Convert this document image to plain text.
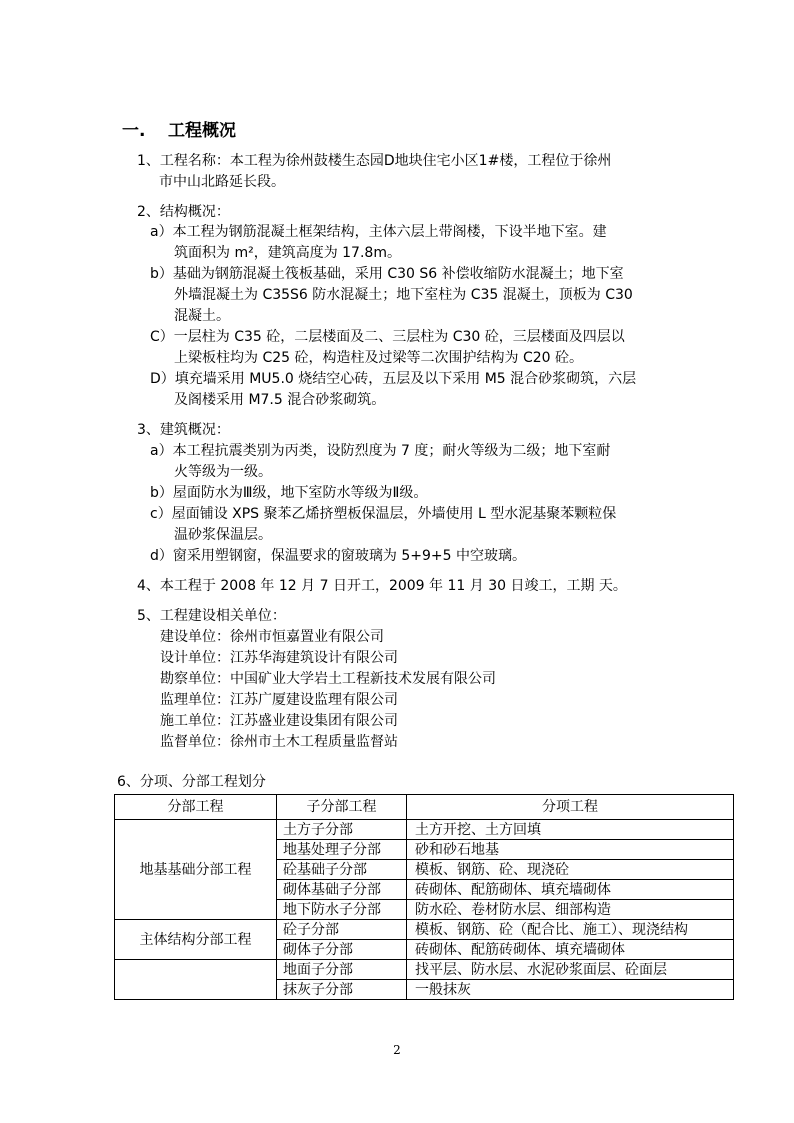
一. 工程概况
1、工程名称：本工程为徐州鼓楼生态园D地块住宅小区1#楼，工程位于徐州
市中山北路延长段。
2、结构概况：
a）本工程为钢筋混凝土框架结构，主体六层上带阁楼，下设半地下室。建
筑面积为 m²，建筑高度为 17.8m。
b）基础为钢筋混凝土筏板基础，采用 C30 S6 补偿收缩防水混凝土；地下室
外墙混凝土为 C35S6 防水混凝土；地下室柱为 C35 混凝土，顶板为 C30
混凝土。
C）一层柱为 C35 砼，二层楼面及二、三层柱为 C30 砼，三层楼面及四层以
上梁板柱均为 C25 砼，构造柱及过梁等二次围护结构为 C20 砼。
D）填充墙采用 MU5.0 烧结空心砖，五层及以下采用 M5 混合砂浆砌筑，六层
及阁楼采用 M7.5 混合砂浆砌筑。
3、建筑概况：
a）本工程抗震类别为丙类，设防烈度为 7 度；耐火等级为二级；地下室耐
火等级为一级。
b）屋面防水为Ⅲ级，地下室防水等级为Ⅱ级。
c）屋面铺设 XPS 聚苯乙烯挤塑板保温层，外墙使用 L 型水泥基聚苯颗粒保
温砂浆保温层。
d）窗采用塑钢窗，保温要求的窗玻璃为 5+9+5 中空玻璃。
4、本工程于 2008 年 12 月 7 日开工，2009 年 11 月 30 日竣工，工期 天。
5、工程建设相关单位：
建设单位：徐州市恒嘉置业有限公司
设计单位：江苏华海建筑设计有限公司
勘察单位：中国矿业大学岩土工程新技术发展有限公司
监理单位：江苏广厦建设监理有限公司
施工单位：江苏盛业建设集团有限公司
监督单位：徐州市土木工程质量监督站
6、分项、分部工程划分
分部工程	子分部工程	分项工程
地基基础分部工程	土方子分部	土方开挖、土方回填
	地基处理子分部	砂和砂石地基
	砼基础子分部	模板、钢筋、砼、现浇砼
	砌体基础子分部	砖砌体、配筋砌体、填充墙砌体
	地下防水子分部	防水砼、卷材防水层、细部构造
主体结构分部工程	砼子分部	模板、钢筋、砼（配合比、施工）、现浇结构
	砌体子分部	砖砌体、配筋砖砌体、填充墙砌体
	地面子分部	找平层、防水层、水泥砂浆面层、砼面层
	抹灰子分部	一般抹灰
2
